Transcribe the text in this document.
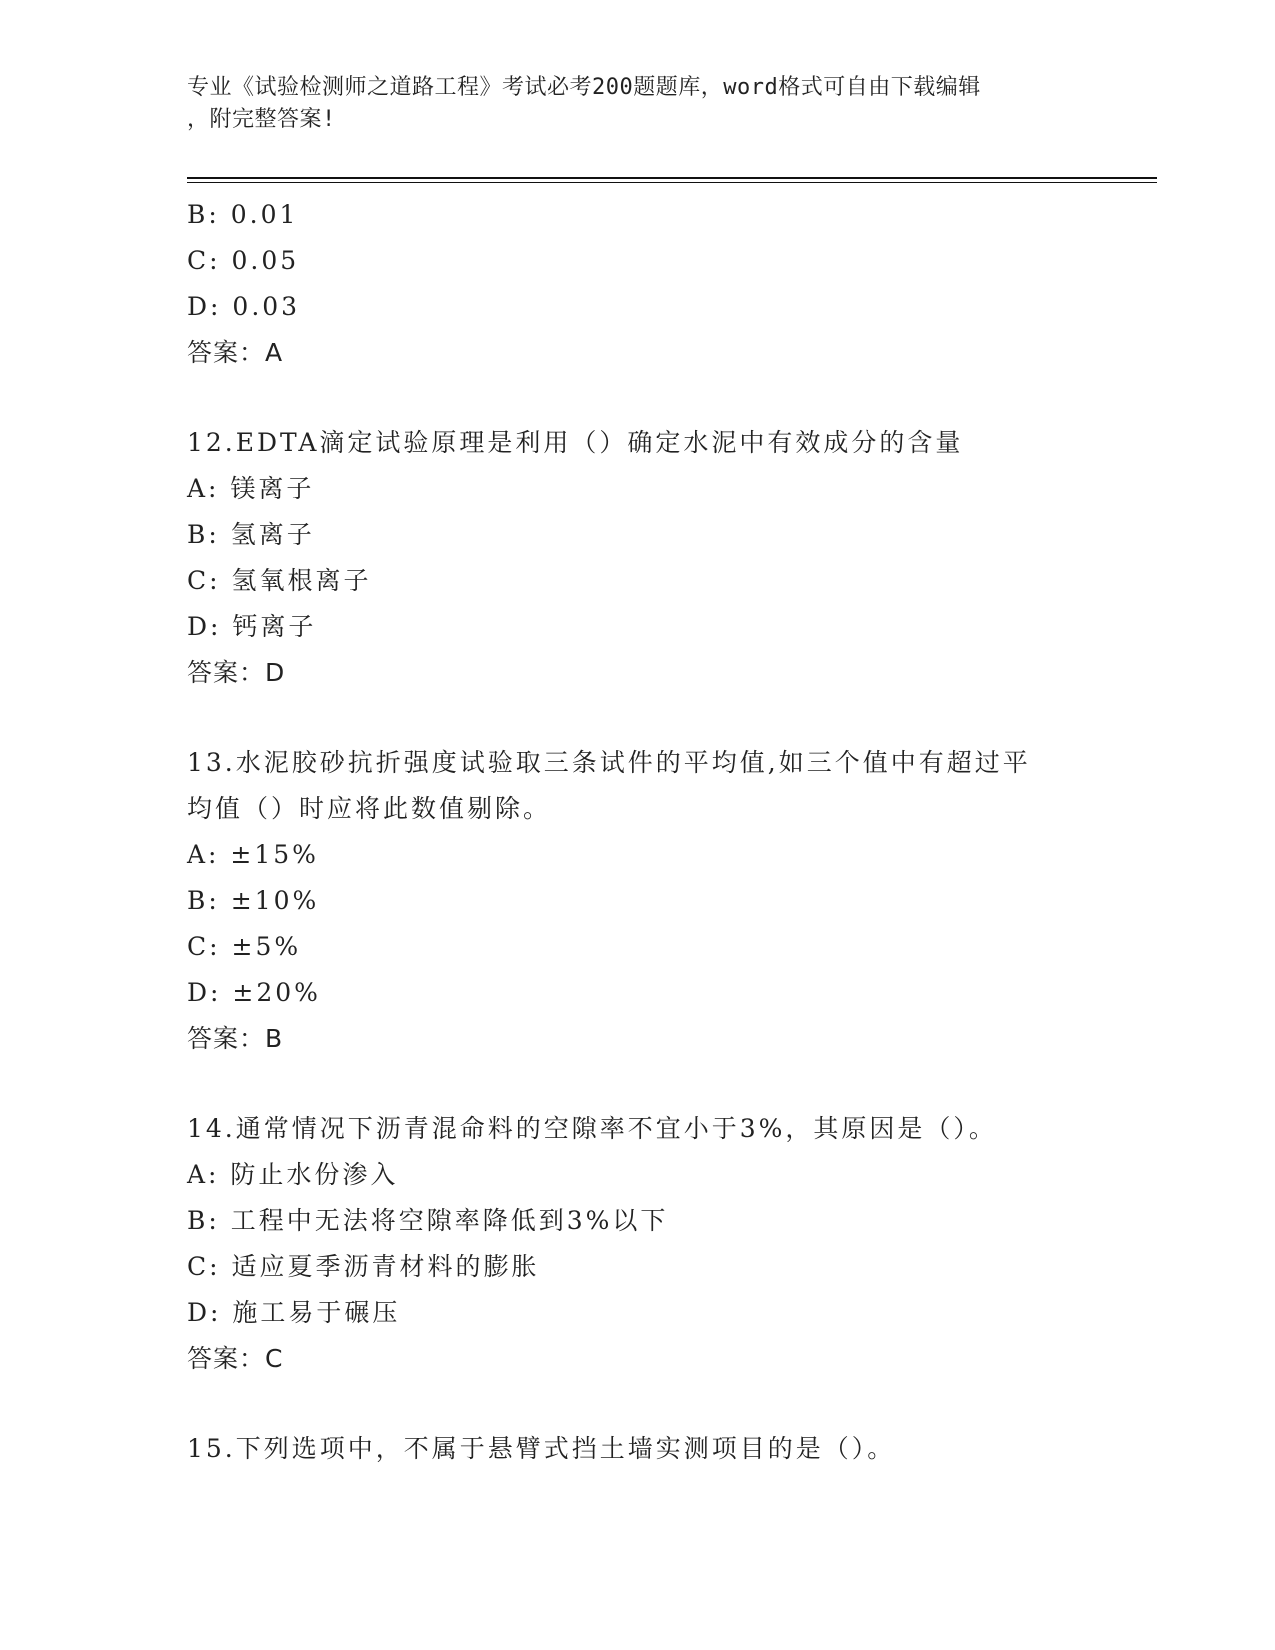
专业《试验检测师之道路工程》考试必考200题题库，word格式可自由下载编辑
，附完整答案!
B: 0.01
C: 0.05
D: 0.03
答案：A
12.EDTA滴定试验原理是利用（）确定水泥中有效成分的含量
A: 镁离子
B: 氢离子
C: 氢氧根离子
D: 钙离子
答案：D
13.水泥胶砂抗折强度试验取三条试件的平均值,如三个值中有超过平
均值（）时应将此数值剔除。
A: ±15%
B: ±10%
C: ±5%
D: ±20%
答案：B
14.通常情况下沥青混命料的空隙率不宜小于3%，其原因是（）。
A: 防止水份渗入
B: 工程中无法将空隙率降低到3%以下
C: 适应夏季沥青材料的膨胀
D: 施工易于碾压
答案：C
15.下列选项中，不属于悬臂式挡土墙实测项目的是（）。
